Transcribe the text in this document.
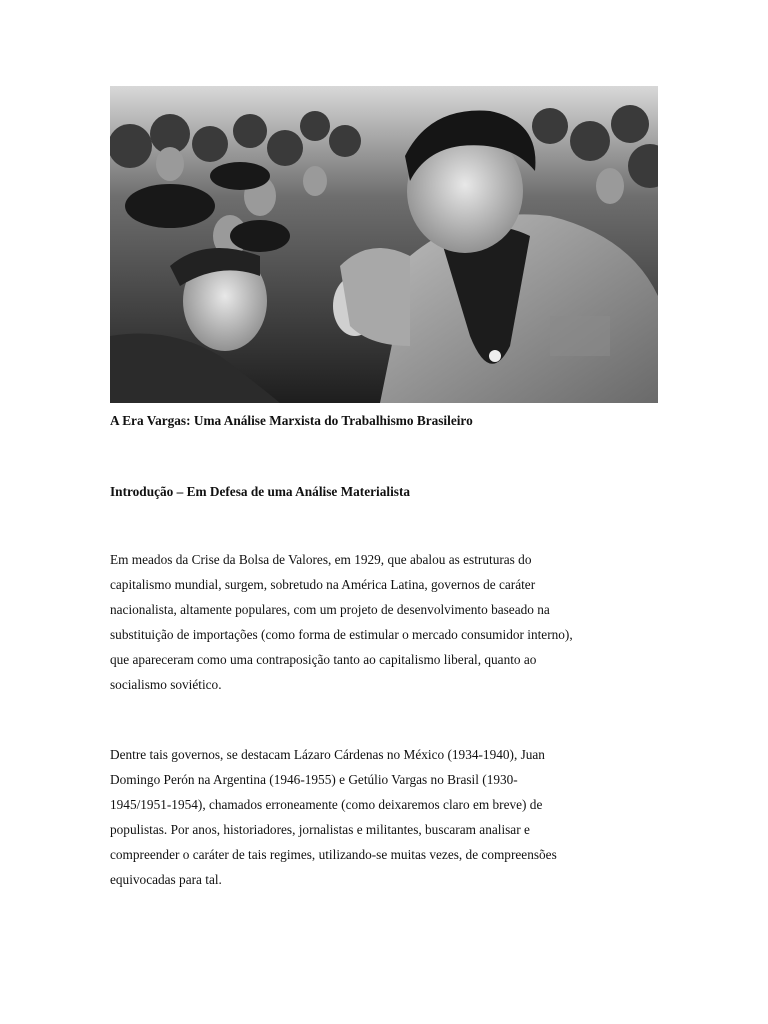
A Era Vargas: Uma Análise Marxista do Trabalhismo Brasileiro
Introdução – Em Defesa de uma Análise Materialista

Em meados da Crise da Bolsa de Valores, em 1929, que abalou as estruturas do
capitalismo mundial, surgem, sobretudo na América Latina, governos de caráter
nacionalista, altamente populares, com um projeto de desenvolvimento baseado na
substituição de importações (como forma de estimular o mercado consumidor interno),
que apareceram como uma contraposição tanto ao capitalismo liberal, quanto ao
socialismo soviético.

Dentre tais governos, se destacam Lázaro Cárdenas no México (1934-1940), Juan
Domingo Perón na Argentina (1946-1955) e Getúlio Vargas no Brasil (1930-
1945/1951-1954), chamados erroneamente (como deixaremos claro em breve) de
populistas. Por anos, historiadores, jornalistas e militantes, buscaram analisar e
compreender o caráter de tais regimes, utilizando-se muitas vezes, de compreensões
equivocadas para tal.
